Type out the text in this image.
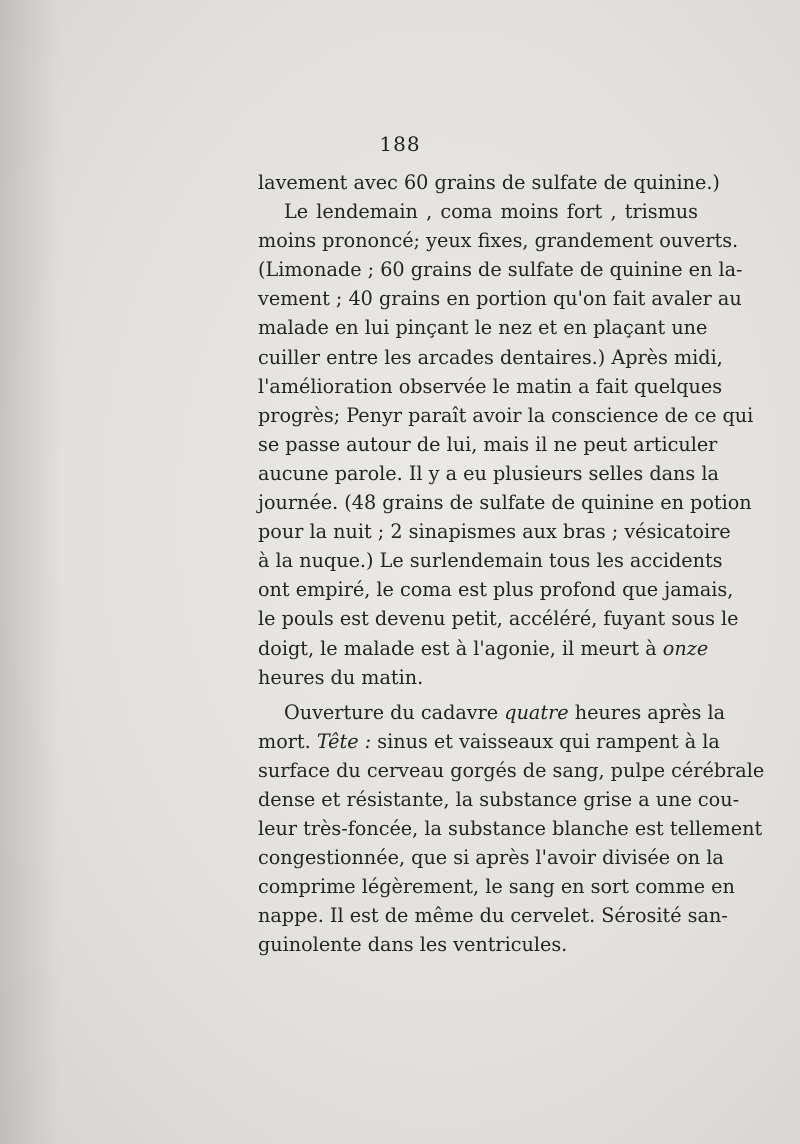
188
lavement avec 60 grains de sulfate de quinine.)
Le lendemain , coma moins fort , trismus
moins prononcé; yeux fixes, grandement ouverts.
(Limonade ; 60 grains de sulfate de quinine en la-
vement ; 40 grains en portion qu'on fait avaler au
malade en lui pinçant le nez et en plaçant une
cuiller entre les arcades dentaires.) Après midi,
l'amélioration observée le matin a fait quelques
progrès; Penyr paraît avoir la conscience de ce qui
se passe autour de lui, mais il ne peut articuler
aucune parole. Il y a eu plusieurs selles dans la
journée. (48 grains de sulfate de quinine en potion
pour la nuit ; 2 sinapismes aux bras ; vésicatoire
à la nuque.) Le surlendemain tous les accidents
ont empiré, le coma est plus profond que jamais,
le pouls est devenu petit, accéléré, fuyant sous le
doigt, le malade est à l'agonie, il meurt à onze
heures du matin.
Ouverture du cadavre quatre heures après la
mort. Tête : sinus et vaisseaux qui rampent à la
surface du cerveau gorgés de sang, pulpe cérébrale
dense et résistante, la substance grise a une cou-
leur très-foncée, la substance blanche est tellement
congestionnée, que si après l'avoir divisée on la
comprime légèrement, le sang en sort comme en
nappe. Il est de même du cervelet. Sérosité san-
guinolente dans les ventricules.
